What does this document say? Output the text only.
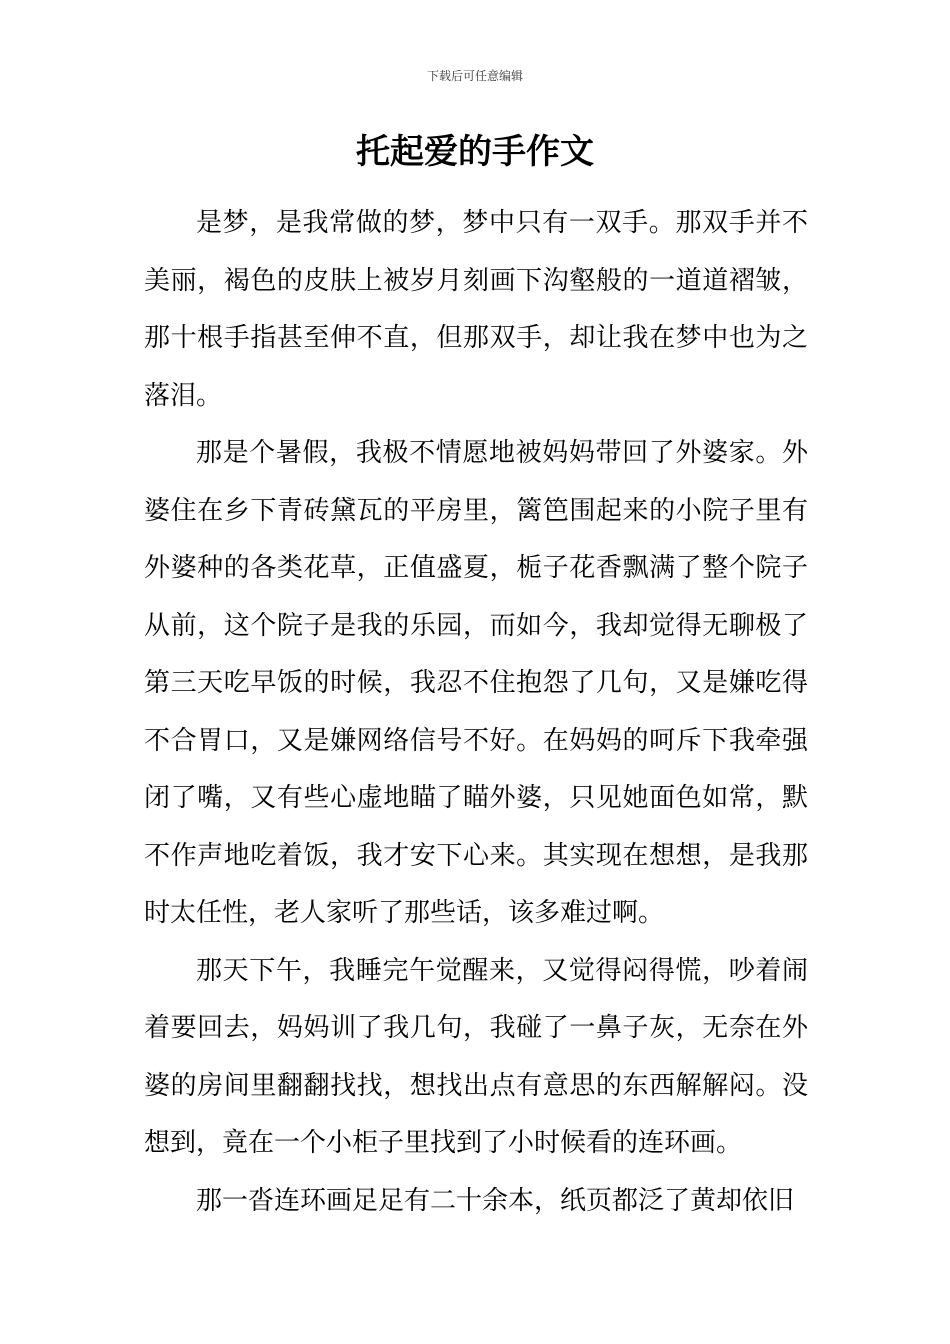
下载后可任意编辑
托起爱的手作文

是梦，是我常做的梦，梦中只有一双手。那双手并不美丽，褐色的皮肤上被岁月刻画下沟壑般的一道道褶皱，那十根手指甚至伸不直，但那双手，却让我在梦中也为之落泪。

那是个暑假，我极不情愿地被妈妈带回了外婆家。外婆住在乡下青砖黛瓦的平房里，篱笆围起来的小院子里有外婆种的各类花草，正值盛夏，栀子花香飘满了整个院子从前，这个院子是我的乐园，而如今，我却觉得无聊极了第三天吃早饭的时候，我忍不住抱怨了几句，又是嫌吃得不合胃口，又是嫌网络信号不好。在妈妈的呵斥下我牵强闭了嘴，又有些心虚地瞄了瞄外婆，只见她面色如常，默不作声地吃着饭，我才安下心来。其实现在想想，是我那时太任性，老人家听了那些话，该多难过啊。

那天下午，我睡完午觉醒来，又觉得闷得慌，吵着闹着要回去，妈妈训了我几句，我碰了一鼻子灰，无奈在外婆的房间里翻翻找找，想找出点有意思的东西解解闷。没想到，竟在一个小柜子里找到了小时候看的连环画。

那一沓连环画足足有二十余本，纸页都泛了黄却依旧
